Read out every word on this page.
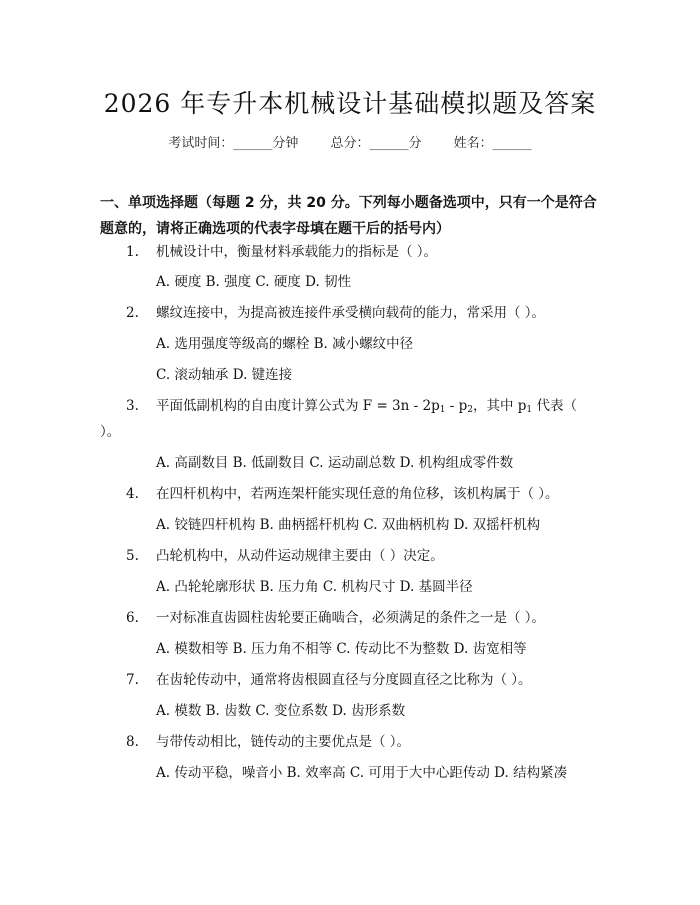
2026 年专升本机械设计基础模拟题及答案
考试时间：______分钟 总分：______分 姓名：______
一、单项选择题（每题 2 分，共 20 分。下列每小题备选项中，只有一个是符合题意的，请将正确选项的代表字母填在题干后的括号内）

1. 机械设计中，衡量材料承载能力的指标是（ ）。

A. 硬度 B. 强度 C. 硬度 D. 韧性

2. 螺纹连接中，为提高被连接件承受横向载荷的能力，常采用（ ）。

A. 选用强度等级高的螺栓 B. 减小螺纹中径

C. 滚动轴承 D. 键连接

3. 平面低副机构的自由度计算公式为 $F = 3n - 2p_1 - p_2$，其中 $p_1$ 代表（ ）。

A. 高副数目 B. 低副数目 C. 运动副总数 D. 机构组成零件数

4. 在四杆机构中，若两连架杆能实现任意的角位移，该机构属于（ ）。

A. 铰链四杆机构 B. 曲柄摇杆机构 C. 双曲柄机构 D. 双摇杆机构

5. 凸轮机构中，从动件运动规律主要由（ ）决定。

A. 凸轮轮廓形状 B. 压力角 C. 机构尺寸 D. 基圆半径

6. 一对标准直齿圆柱齿轮要正确啮合，必须满足的条件之一是（ ）。

A. 模数相等 B. 压力角不相等 C. 传动比不为整数 D. 齿宽相等

7. 在齿轮传动中，通常将齿根圆直径与分度圆直径之比称为（ ）。

A. 模数 B. 齿数 C. 变位系数 D. 齿形系数

8. 与带传动相比，链传动的主要优点是（ ）。

A. 传动平稳，噪音小 B. 效率高 C. 可用于大中心距传动 D. 结构紧凑
